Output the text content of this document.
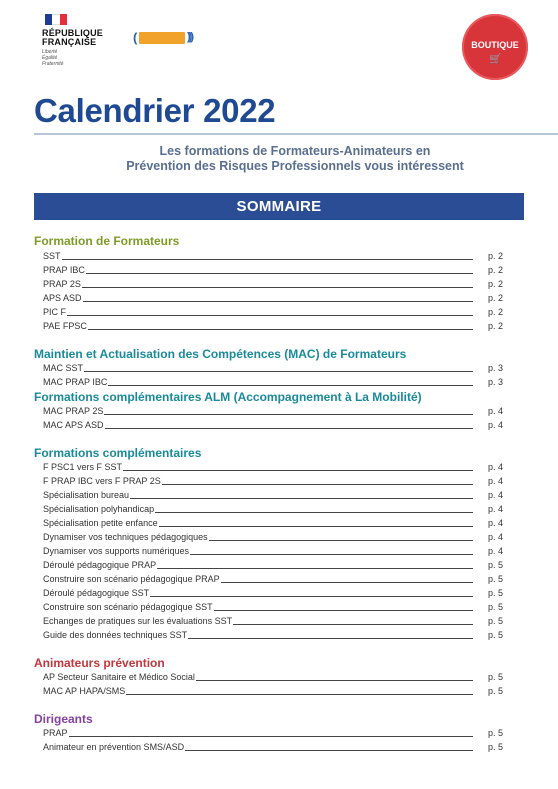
RÉPUBLIQUE
FRANÇAISE
Liberté
Égalité
Fraternité
(	)))
BOUTIQUE
🛒
Calendrier 2022
Les formations de Formateurs-Animateurs en
Prévention des Risques Professionnels vous intéressent
SOMMAIRE
Formation de Formateurs
SST	p. 2
PRAP IBC	p. 2
PRAP 2S	p. 2
APS ASD	p. 2
PIC F	p. 2
PAE FPSC	p. 2
Maintien et Actualisation des Compétences (MAC) de Formateurs
MAC SST	p. 3
MAC PRAP IBC	p. 3
Formations complémentaires ALM (Accompagnement à La Mobilité)
MAC PRAP 2S	p. 4
MAC APS ASD	p. 4
Formations complémentaires
F PSC1 vers F SST	p. 4
F PRAP IBC vers F PRAP 2S	p. 4
Spécialisation bureau	p. 4
Spécialisation polyhandicap	p. 4
Spécialisation petite enfance	p. 4
Dynamiser vos techniques pédagogiques	p. 4
Dynamiser vos supports numériques	p. 4
Déroulé pédagogique PRAP	p. 5
Construire son scénario pédagogique PRAP	p. 5
Déroulé pédagogique SST	p. 5
Construire son scénario pédagogique SST	p. 5
Echanges de pratiques sur les évaluations SST	p. 5
Guide des données techniques SST	p. 5
Animateurs prévention
AP Secteur Sanitaire et Médico Social	p. 5
MAC AP HAPA/SMS	p. 5
Dirigeants
PRAP	p. 5
Animateur en prévention SMS/ASD	p. 5
